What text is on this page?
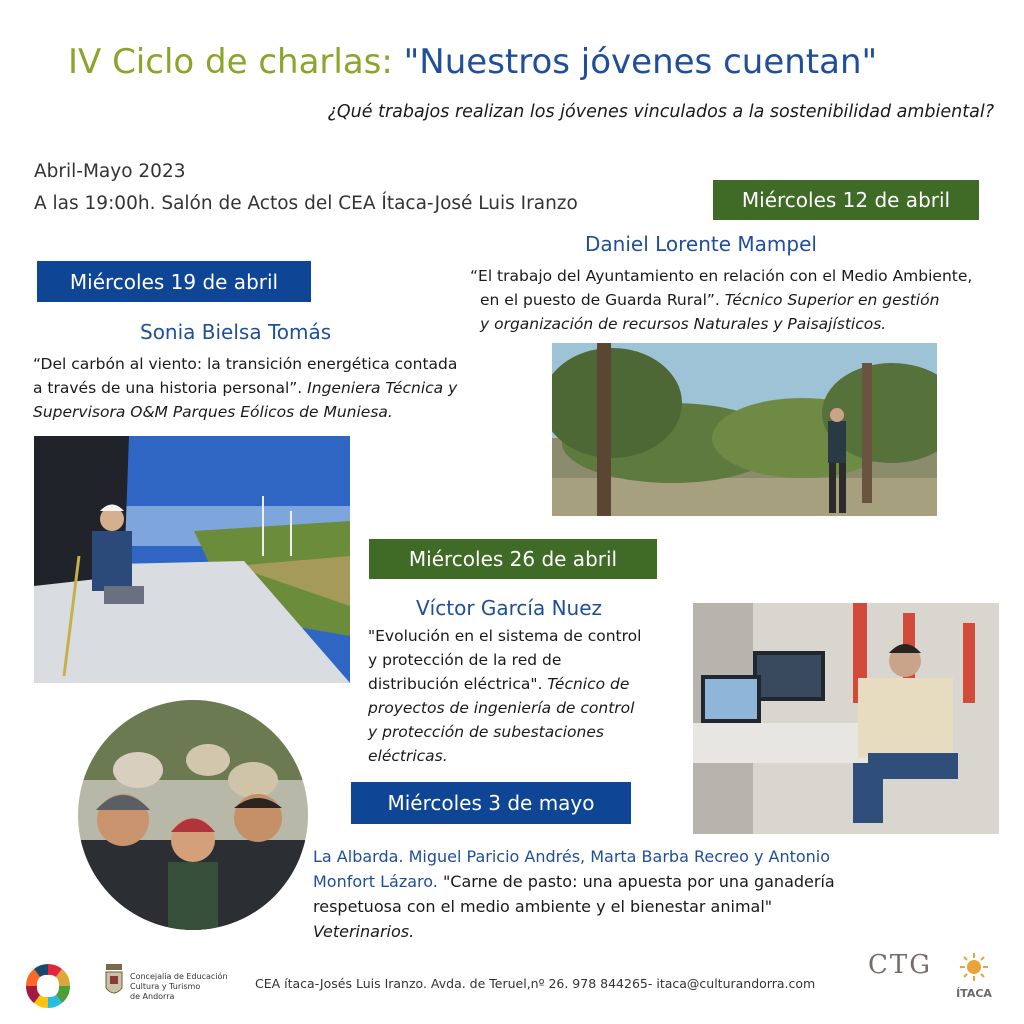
IV Ciclo de charlas: "Nuestros jóvenes cuentan"
¿Qué trabajos realizan los jóvenes vinculados a la sostenibilidad ambiental?
Abril-Mayo 2023
A las 19:00h. Salón de Actos del CEA Ítaca-José Luis Iranzo	Miércoles 12 de abril
Daniel Lorente Mampel
“El trabajo del Ayuntamiento en relación con el Medio Ambiente,
en el puesto de Guarda Rural”. Técnico Superior en gestión
y organización de recursos Naturales y Paisajísticos.
Miércoles 19 de abril
Sonia Bielsa Tomás
“Del carbón al viento: la transición energética contada
a través de una historia personal”. Ingeniera Técnica y
Supervisora O&M Parques Eólicos de Muniesa.
Miércoles 26 de abril
Víctor García Nuez
"Evolución en el sistema de control
y protección de la red de
distribución eléctrica". Técnico de
proyectos de ingeniería de control
y protección de subestaciones
eléctricas.
Miércoles 3 de mayo
La Albarda. Miguel Paricio Andrés, Marta Barba Recreo y Antonio
Monfort Lázaro. "Carne de pasto: una apuesta por una ganadería
respetuosa con el medio ambiente y el bienestar animal"
Veterinarios.
Concejalía de Educación
Cultura y Turismo
de Andorra
CEA ítaca-Josés Luis Iranzo. Avda. de Teruel,nº 26. 978 844265- itaca@culturandorra.com
CTG
ÍTACA
